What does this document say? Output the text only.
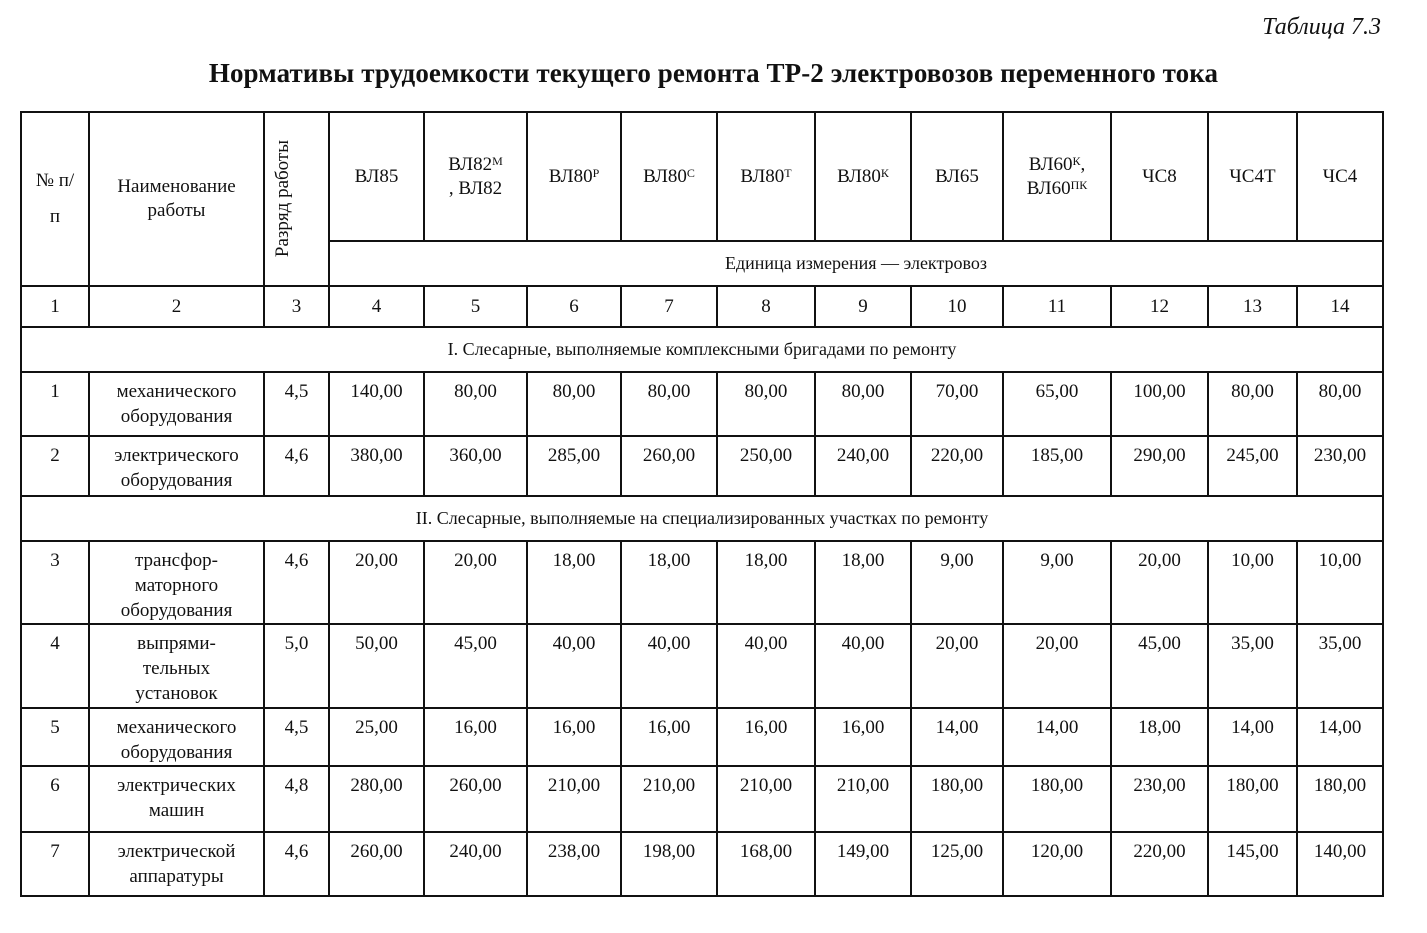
Таблица 7.3
Нормативы трудоемкости текущего ремонта ТР-2 электровозов переменного тока
№ п/п	Наименование работы	Разряд работы	ВЛ85	$ВЛ82^М$, ВЛ82	$ВЛ80^Р$	$ВЛ80^С$	$ВЛ80^Т$	$ВЛ80^К$	ВЛ65	$ВЛ60^К$, $ВЛ60^{ПК}$	ЧС8	ЧС4Т	ЧС4
			Единица измерения — электровоз										
1	2	3	4	5	6	7	8	9	10	11	12	13	14
I. Слесарные, выполняемые комплексными бригадами по ремонту													
1	механического
оборудования	4,5	140,00	80,00	80,00	80,00	80,00	80,00	70,00	65,00	100,00	80,00	80,00
2	электрического
оборудования	4,6	380,00	360,00	285,00	260,00	250,00	240,00	220,00	185,00	290,00	245,00	230,00
II. Слесарные, выполняемые на специализированных участках по ремонту													
3	трансфор-
маторного
оборудования	4,6	20,00	20,00	18,00	18,00	18,00	18,00	9,00	9,00	20,00	10,00	10,00
4	выпрями-
тельных
установок	5,0	50,00	45,00	40,00	40,00	40,00	40,00	20,00	20,00	45,00	35,00	35,00
5	механического
оборудования	4,5	25,00	16,00	16,00	16,00	16,00	16,00	14,00	14,00	18,00	14,00	14,00
6	электрических
машин	4,8	280,00	260,00	210,00	210,00	210,00	210,00	180,00	180,00	230,00	180,00	180,00
7	электрической
аппаратуры	4,6	260,00	240,00	238,00	198,00	168,00	149,00	125,00	120,00	220,00	145,00	140,00
